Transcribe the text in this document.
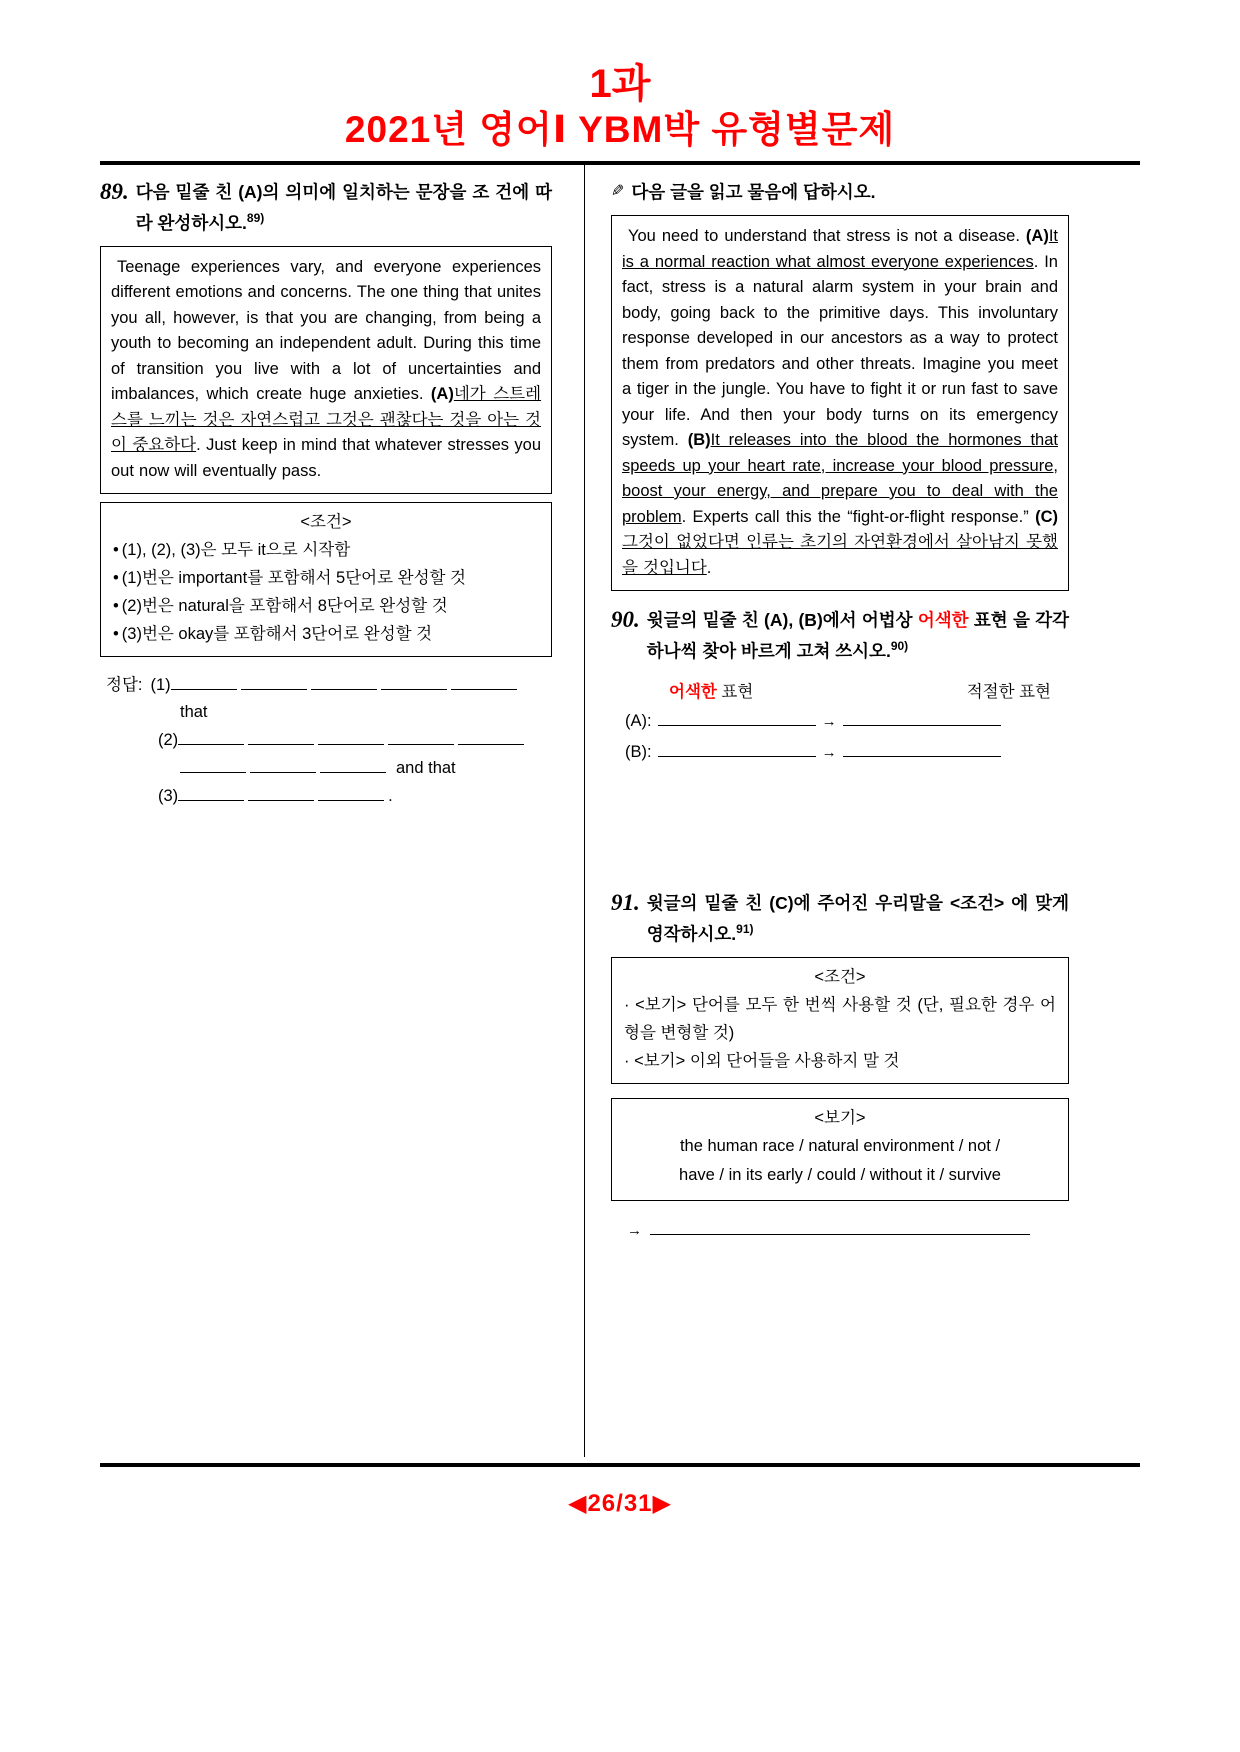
1과
2021년 영어Ⅰ YBM박 유형별문제
89. 다음 밑줄 친 (A)의 의미에 일치하는 문장을 조 건에 따라 완성하시오.$^{89)}$
Teenage experiences vary, and everyone experiences different emotions and concerns. The one thing that unites you all, however, is that you are changing, from being a youth to becoming an independent adult. During this time of transition you live with a lot of uncertainties and imbalances, which create huge anxieties. (A)네가 스트레스를 느끼는 것은 자연스럽고 그것은 괜찮다는 것을 아는 것이 중요하다. Just keep in mind that whatever stresses you out now will eventually pass.
<조건>
• (1), (2), (3)은 모두 it으로 시작함
• (1)번은 important를 포함해서 5단어로 완성할 것
• (2)번은 natural을 포함해서 8단어로 완성할 것
• (3)번은 okay를 포함해서 3단어로 완성할 것
정답: (1)
that
(2)
and that
(3)	.
✎ 다음 글을 읽고 물음에 답하시오.
You need to understand that stress is not a disease. (A)It is a normal reaction what almost everyone experiences. In fact, stress is a natural alarm system in your brain and body, going back to the primitive days. This involuntary response developed in our ancestors as a way to protect them from predators and other threats. Imagine you meet a tiger in the jungle. You have to fight it or run fast to save your life. And then your body turns on its emergency system. (B)It releases into the blood the hormones that speeds up your heart rate, increase your blood pressure, boost your energy, and prepare you to deal with the problem. Experts call this the “fight-or-flight response.” (C)그것이 없었다면 인류는 초기의 자연환경에서 살아남지 못했을 것입니다.
90. 윗글의 밑줄 친 (A), (B)에서 어법상 어색한 표현 을 각각 하나씩 찾아 바르게 고쳐 쓰시오.$^{90)}$
어색한 표현	적절한 표현
(A):	→
(B):	→
91. 윗글의 밑줄 친 (C)에 주어진 우리말을 <조건> 에 맞게 영작하시오.$^{91)}$
<조건>
· <보기> 단어를 모두 한 번씩 사용할 것 (단, 필요한 경우 어형을 변형할 것)
· <보기> 이외 단어들을 사용하지 말 것
<보기>
the human race / natural environment / not /
have / in its early / could / without it / survive
→
◀26/31▶
